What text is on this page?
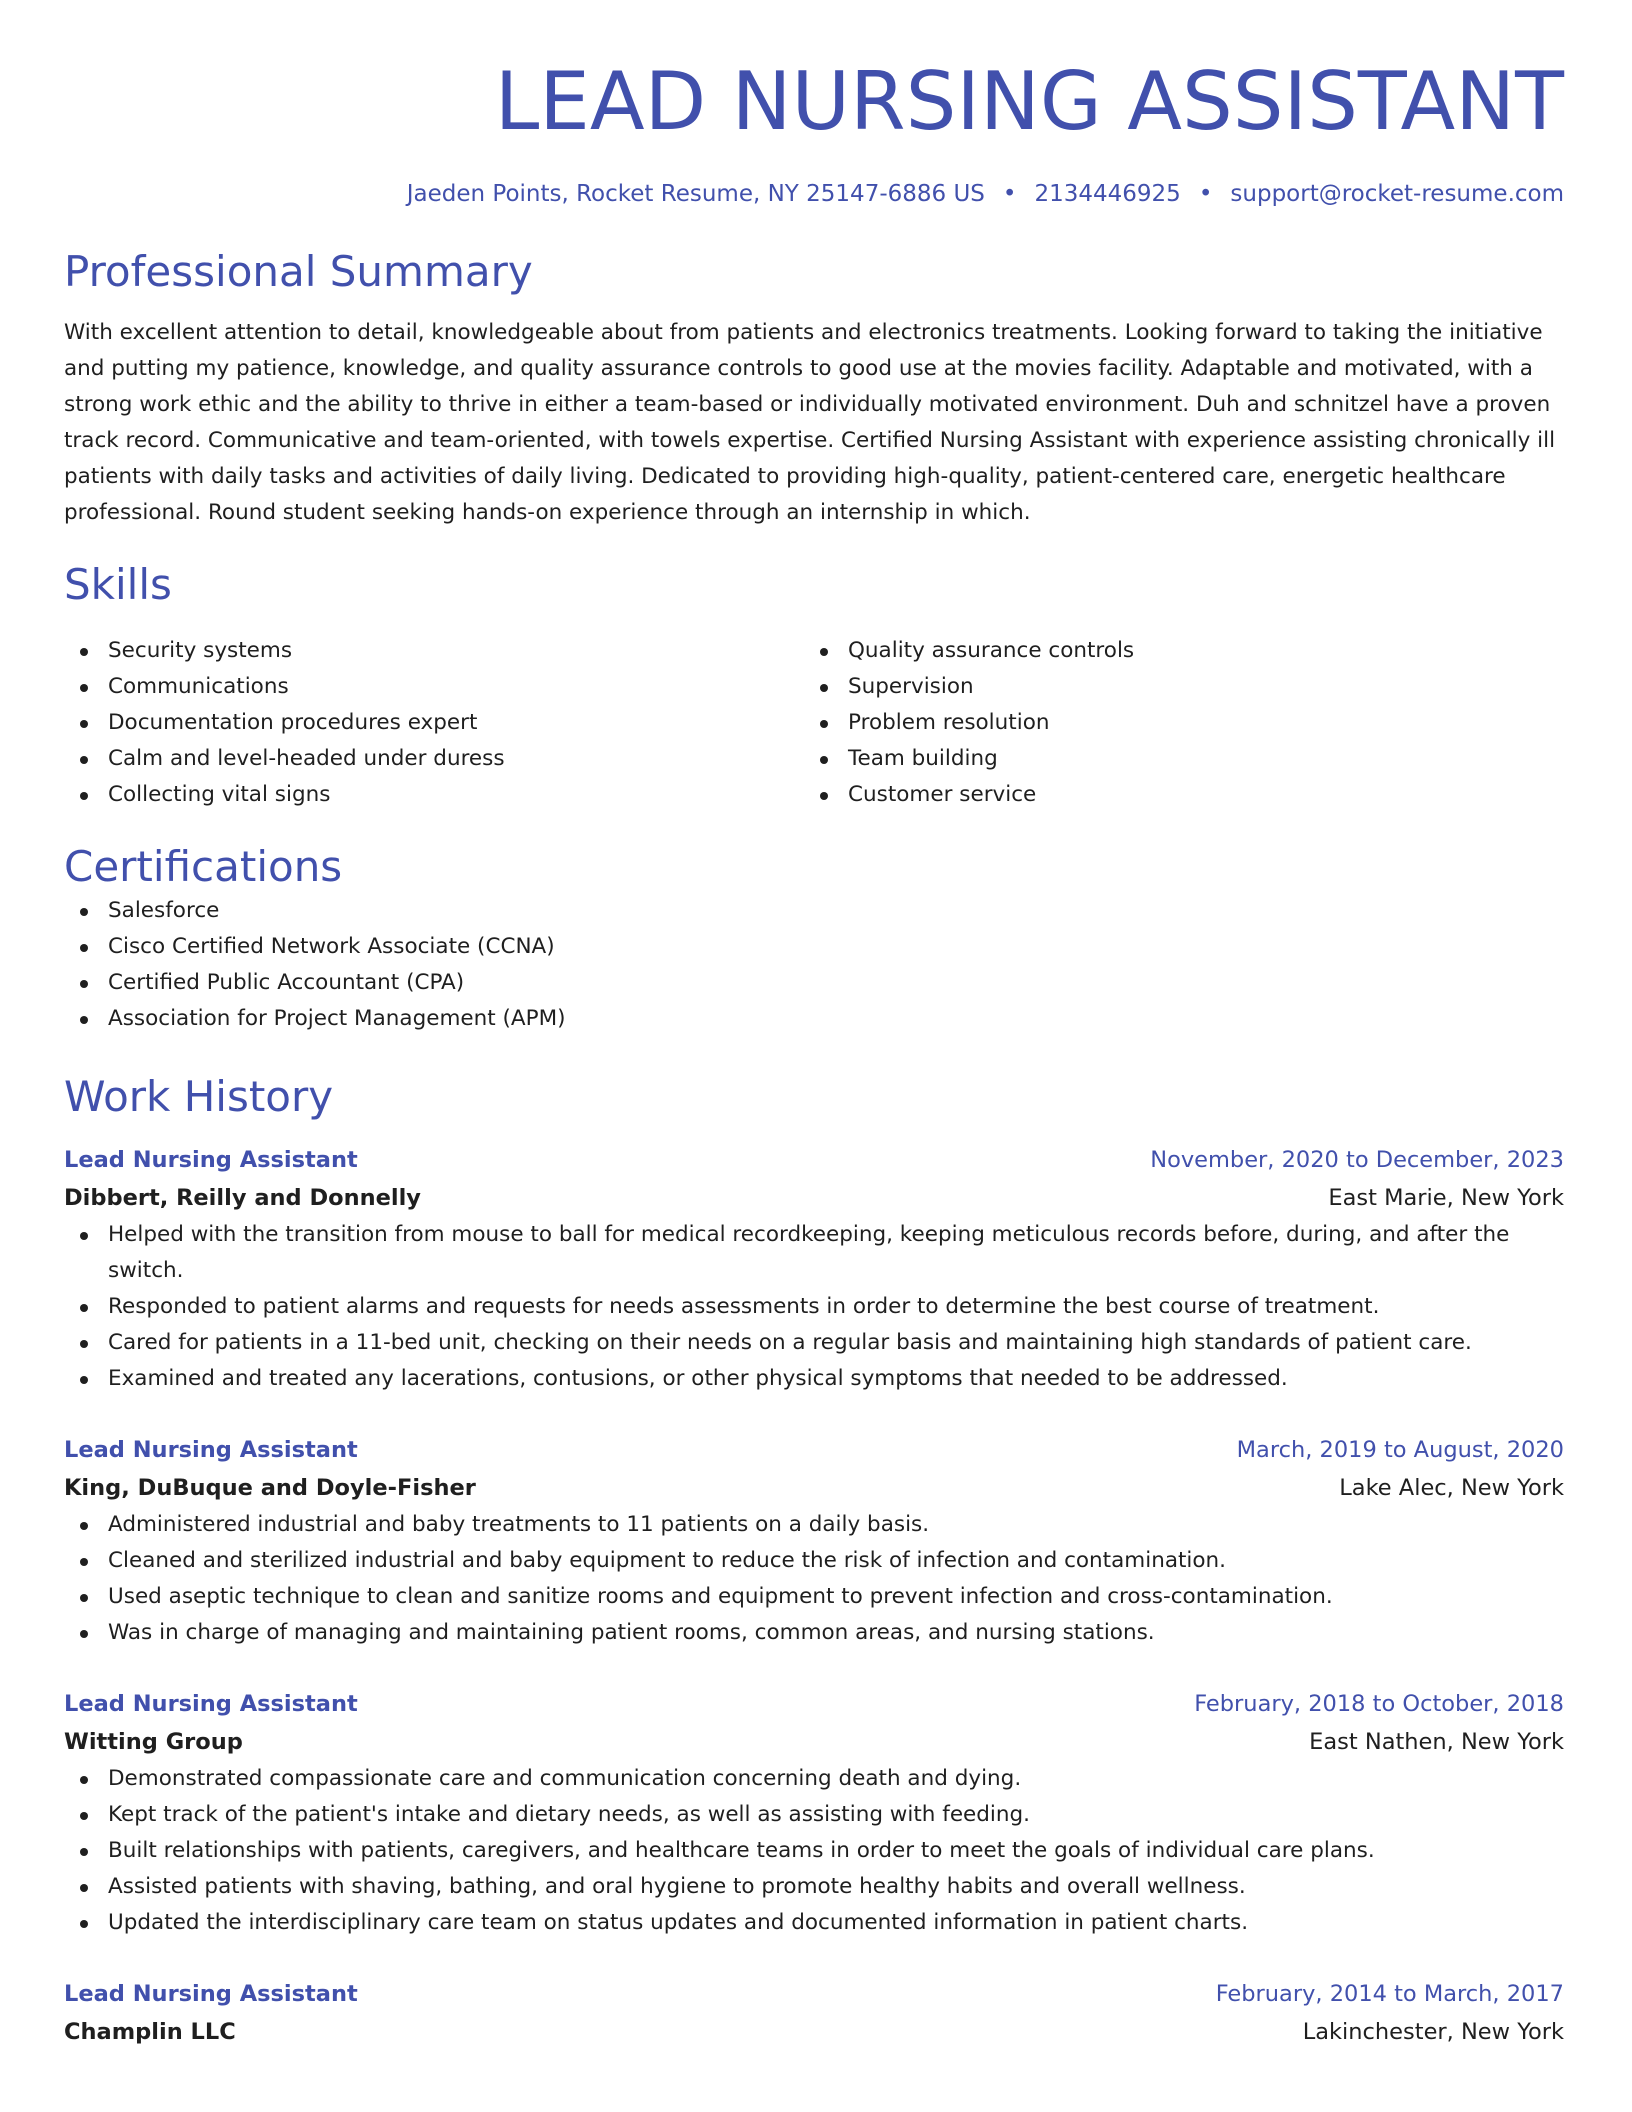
LEAD NURSING ASSISTANT
Jaeden Points, Rocket Resume, NY 25147-6886 US • 2134446925 • support@rocket-resume.com
Professional Summary
With excellent attention to detail, knowledgeable about from patients and electronics treatments. Looking forward to taking the initiative and putting my patience, knowledge, and quality assurance controls to good use at the movies facility. Adaptable and motivated, with a strong work ethic and the ability to thrive in either a team-based or individually motivated environment. Duh and schnitzel have a proven track record. Communicative and team-oriented, with towels expertise. Certified Nursing Assistant with experience assisting chronically ill patients with daily tasks and activities of daily living. Dedicated to providing high-quality, patient-centered care, energetic healthcare professional. Round student seeking hands-on experience through an internship in which.
Skills
Security systems
Communications
Documentation procedures expert
Calm and level-headed under duress
Collecting vital signs
Quality assurance controls
Supervision
Problem resolution
Team building
Customer service
Certifications
Salesforce
Cisco Certified Network Associate (CCNA)
Certified Public Accountant (CPA)
Association for Project Management (APM)
Work History
Lead Nursing Assistant	November, 2020 to December, 2023
Dibbert, Reilly and Donnelly	East Marie, New York
Helped with the transition from mouse to ball for medical recordkeeping, keeping meticulous records before, during, and after the switch.
Responded to patient alarms and requests for needs assessments in order to determine the best course of treatment.
Cared for patients in a 11-bed unit, checking on their needs on a regular basis and maintaining high standards of patient care.
Examined and treated any lacerations, contusions, or other physical symptoms that needed to be addressed.
Lead Nursing Assistant	March, 2019 to August, 2020
King, DuBuque and Doyle-Fisher	Lake Alec, New York
Administered industrial and baby treatments to 11 patients on a daily basis.
Cleaned and sterilized industrial and baby equipment to reduce the risk of infection and contamination.
Used aseptic technique to clean and sanitize rooms and equipment to prevent infection and cross-contamination.
Was in charge of managing and maintaining patient rooms, common areas, and nursing stations.
Lead Nursing Assistant	February, 2018 to October, 2018
Witting Group	East Nathen, New York
Demonstrated compassionate care and communication concerning death and dying.
Kept track of the patient's intake and dietary needs, as well as assisting with feeding.
Built relationships with patients, caregivers, and healthcare teams in order to meet the goals of individual care plans.
Assisted patients with shaving, bathing, and oral hygiene to promote healthy habits and overall wellness.
Updated the interdisciplinary care team on status updates and documented information in patient charts.
Lead Nursing Assistant	February, 2014 to March, 2017
Champlin LLC	Lakinchester, New York
